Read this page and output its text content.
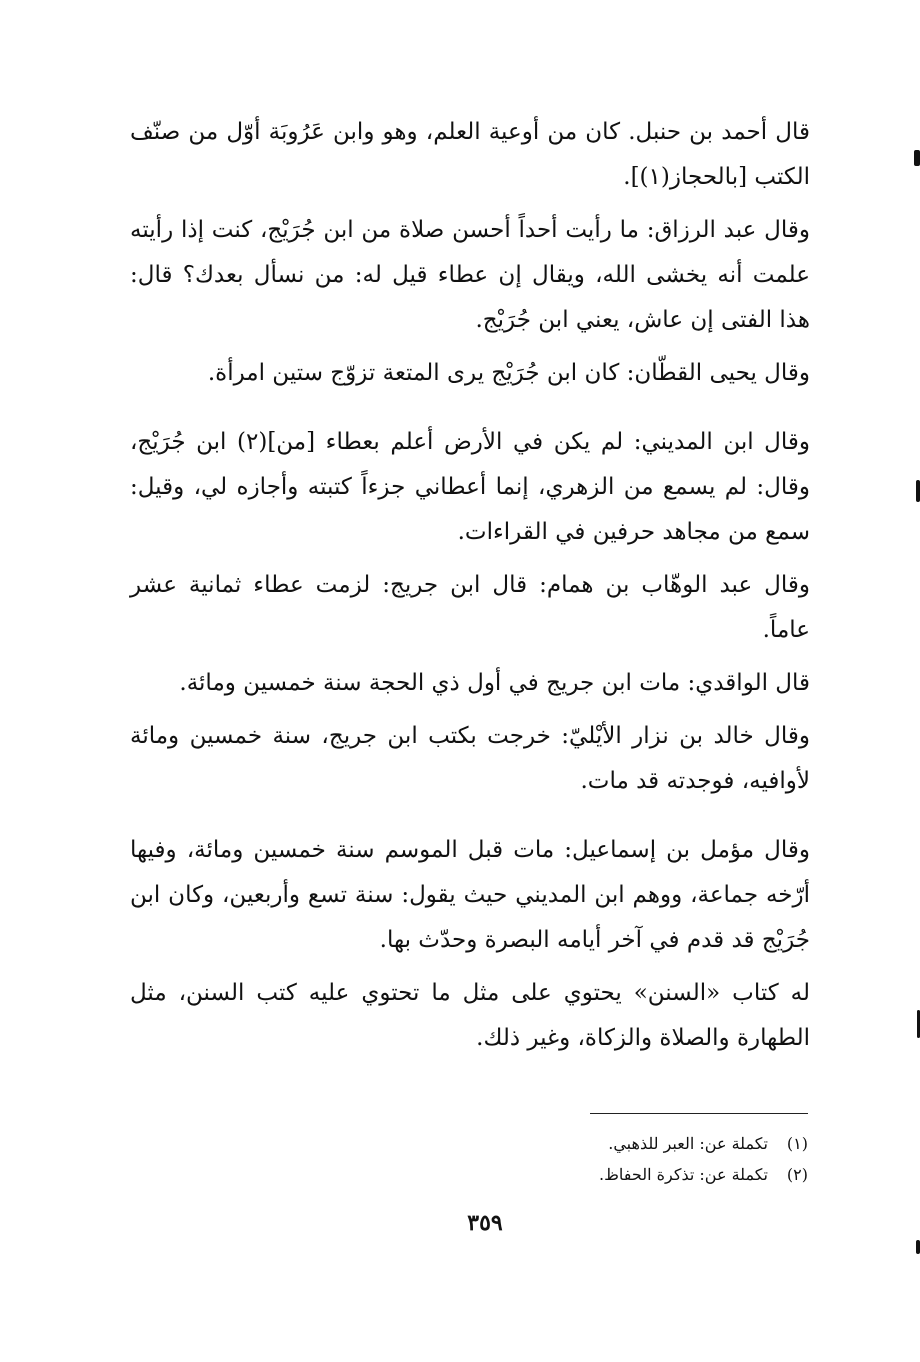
قال أحمد بن حنبل. كان من أوعية العلم، وهو وابن عَرُوبَة أوّل من صنّف الكتب [بالحجاز(١)].

وقال عبد الرزاق: ما رأيت أحداً أحسن صلاة من ابن جُرَيْج، كنت إذا رأيته علمت أنه يخشى الله، ويقال إن عطاء قيل له: من نسأل بعدك؟ قال: هذا الفتى إن عاش، يعني ابن جُرَيْج.

وقال يحيى القطّان: كان ابن جُرَيْج يرى المتعة تزوّج ستين امرأة.

وقال ابن المديني: لم يكن في الأرض أعلم بعطاء [من](٢) ابن جُرَيْج، وقال: لم يسمع من الزهري، إنما أعطاني جزءاً كتبته وأجازه لي، وقيل: سمع من مجاهد حرفين في القراءات.

وقال عبد الوهّاب بن همام: قال ابن جريج: لزمت عطاء ثمانية عشر عاماً.

قال الواقدي: مات ابن جريج في أول ذي الحجة سنة خمسين ومائة.

وقال خالد بن نزار الأيْليّ: خرجت بكتب ابن جريج، سنة خمسين ومائة لأوافيه، فوجدته قد مات.

وقال مؤمل بن إسماعيل: مات قبل الموسم سنة خمسين ومائة، وفيها أرّخه جماعة، ووهم ابن المديني حيث يقول: سنة تسع وأربعين، وكان ابن جُرَيْج قد قدم في آخر أيامه البصرة وحدّث بها.

له كتاب «السنن» يحتوي على مثل ما تحتوي عليه كتب السنن، مثل الطهارة والصلاة والزكاة، وغير ذلك.

(١)
تكملة عن: العبر للذهبي.
(٢)
تكملة عن: تذكرة الحفاظ.
٣٥٩
